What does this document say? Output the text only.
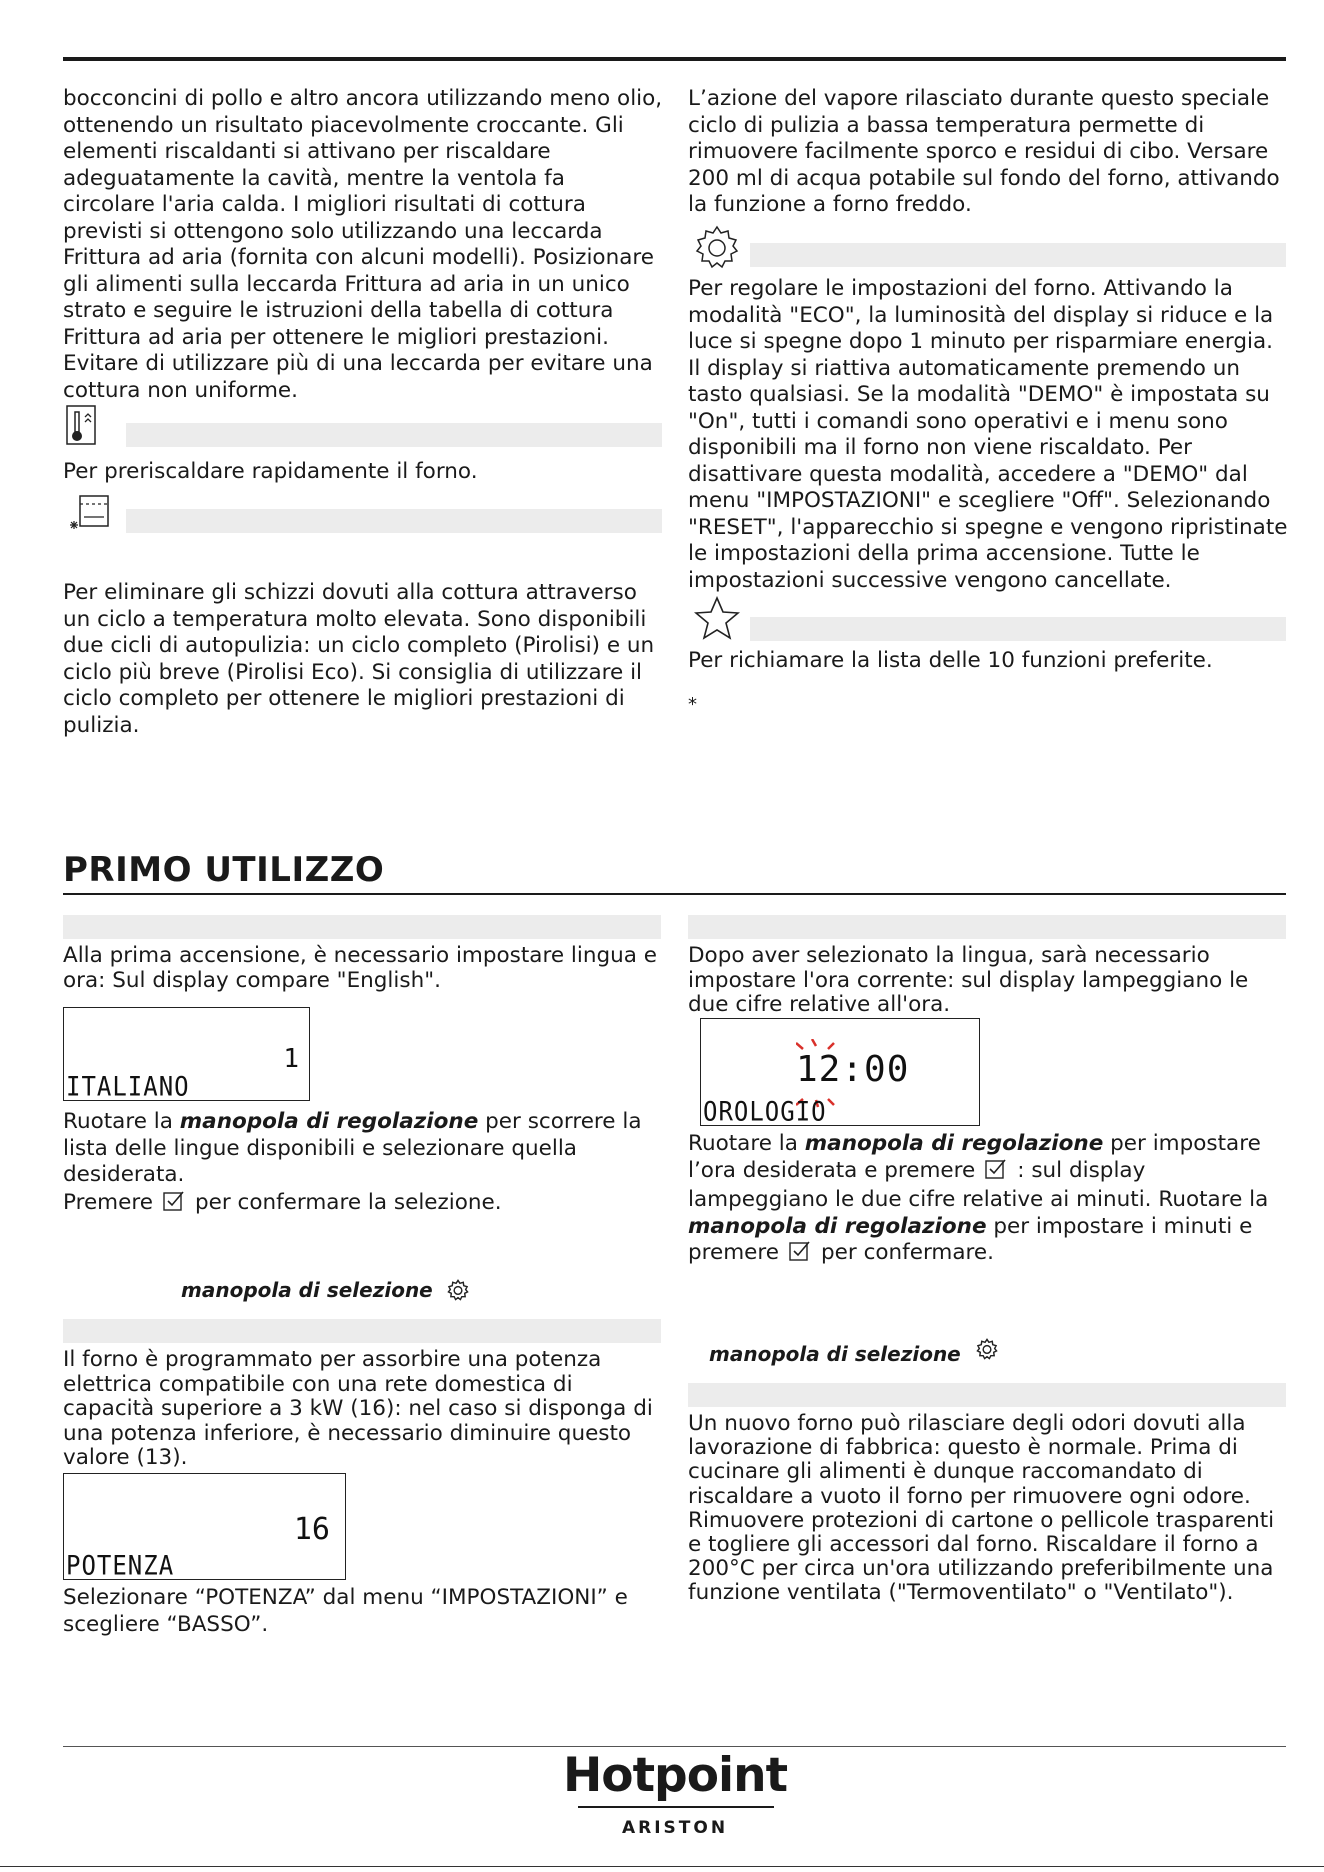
bocconcini di pollo e altro ancora utilizzando meno olio, ottenendo un risultato piacevolmente croccante. Gli elementi riscaldanti si attivano per riscaldare adeguatamente la cavità, mentre la ventola fa circolare l'aria calda. I migliori risultati di cottura previsti si ottengono solo utilizzando una leccarda Frittura ad aria (fornita con alcuni modelli). Posizionare gli alimenti sulla leccarda Frittura ad aria in un unico strato e seguire le istruzioni della tabella di cottura Frittura ad aria per ottenere le migliori prestazioni. Evitare di utilizzare più di una leccarda per evitare una cottura non uniforme.

Per preriscaldare rapidamente il forno.

Per eliminare gli schizzi dovuti alla cottura attraverso un ciclo a temperatura molto elevata. Sono disponibili due cicli di autopulizia: un ciclo completo (Pirolisi) e un ciclo più breve (Pirolisi Eco). Si consiglia di utilizzare il ciclo completo per ottenere le migliori prestazioni di pulizia.

L’azione del vapore rilasciato durante questo speciale ciclo di pulizia a bassa temperatura permette di rimuovere facilmente sporco e residui di cibo. Versare 200 ml di acqua potabile sul fondo del forno, attivando la funzione a forno freddo.

Per regolare le impostazioni del forno. Attivando la modalità "ECO", la luminosità del display si riduce e la luce si spegne dopo 1 minuto per risparmiare energia. Il display si riattiva automaticamente premendo un tasto qualsiasi. Se la modalità "DEMO" è impostata su "On", tutti i comandi sono operativi e i menu sono disponibili ma il forno non viene riscaldato. Per disattivare questa modalità, accedere a "DEMO" dal menu "IMPOSTAZIONI" e scegliere "Off". Selezionando "RESET", l'apparecchio si spegne e vengono ripristinate le impostazioni della prima accensione. Tutte le impostazioni successive vengono cancellate.

Per richiamare la lista delle 10 funzioni preferite.

*
PRIMO UTILIZZO

Alla prima accensione, è necessario impostare lingua e ora: Sul display compare "English".

1
ITALIANO

Ruotare la manopola di regolazione per scorrere la lista delle lingue disponibili e selezionare quella desiderata.

Premere per confermare la selezione.

manopola di selezione

Il forno è programmato per assorbire una potenza elettrica compatibile con una rete domestica di capacità superiore a 3 kW (16): nel caso si disponga di una potenza inferiore, è necessario diminuire questo valore (13).

16
POTENZA

Selezionare “POTENZA” dal menu “IMPOSTAZIONI” e scegliere “BASSO”.

Dopo aver selezionato la lingua, sarà necessario impostare l'ora corrente: sul display lampeggiano le due cifre relative all'ora.

12:00
OROLOGIO

Ruotare la manopola di regolazione per impostare l’ora desiderata e premere : sul display lampeggiano le due cifre relative ai minuti. Ruotare la manopola di regolazione per impostare i minuti e premere per confermare.

manopola di selezione

Un nuovo forno può rilasciare degli odori dovuti alla lavorazione di fabbrica: questo è normale. Prima di cucinare gli alimenti è dunque raccomandato di riscaldare a vuoto il forno per rimuovere ogni odore. Rimuovere protezioni di cartone o pellicole trasparenti e togliere gli accessori dal forno. Riscaldare il forno a 200°C per circa un'ora utilizzando preferibilmente una funzione ventilata ("Termoventilato" o "Ventilato").

Hotpoint
ARISTON
